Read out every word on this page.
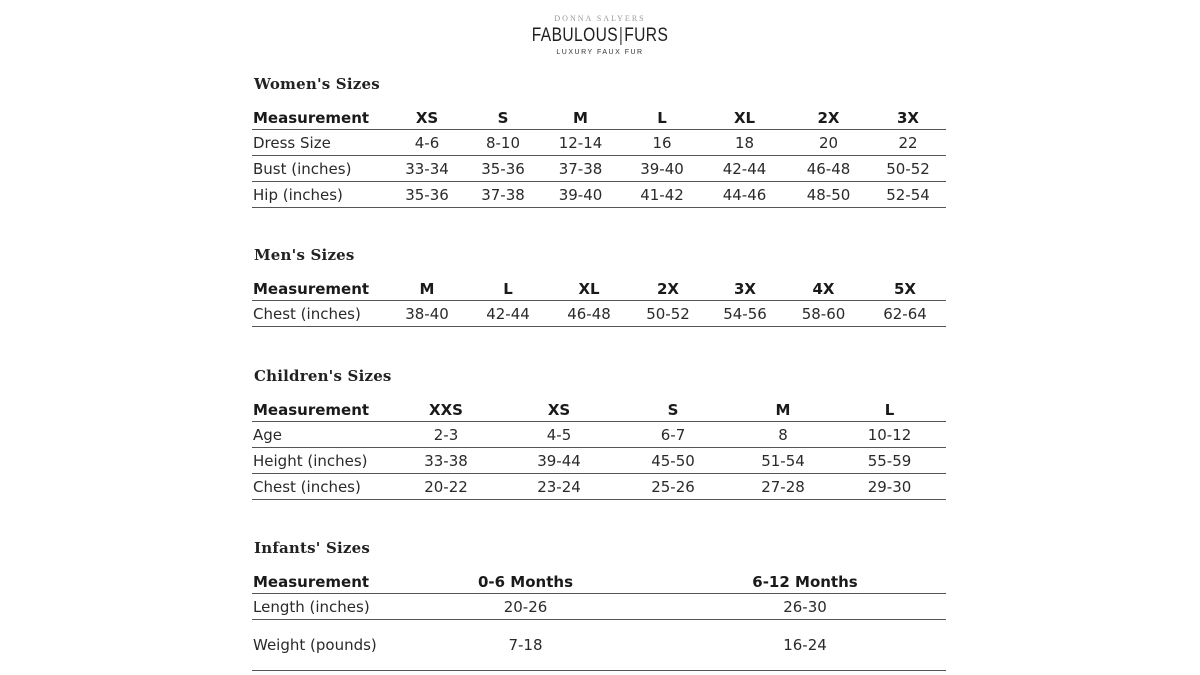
DONNA SALYERS
FABULOUS|FURS
LUXURY FAUX FUR
Women's Sizes
Measurement	XS	S	M	L	XL	2X	3X
Dress Size	4-6	8-10	12-14	16	18	20	22
Bust (inches)	33-34	35-36	37-38	39-40	42-44	46-48	50-52
Hip (inches)	35-36	37-38	39-40	41-42	44-46	48-50	52-54
Men's Sizes
Measurement	M	L	XL	2X	3X	4X	5X
Chest (inches)	38-40	42-44	46-48	50-52	54-56	58-60	62-64
Children's Sizes
Measurement	XXS	XS	S	M	L
Age	2-3	4-5	6-7	8	10-12
Height (inches)	33-38	39-44	45-50	51-54	55-59
Chest (inches)	20-22	23-24	25-26	27-28	29-30
Infants' Sizes
Measurement	0-6 Months	6-12 Months
Length (inches)	20-26	26-30
Weight (pounds)	7-18	16-24
